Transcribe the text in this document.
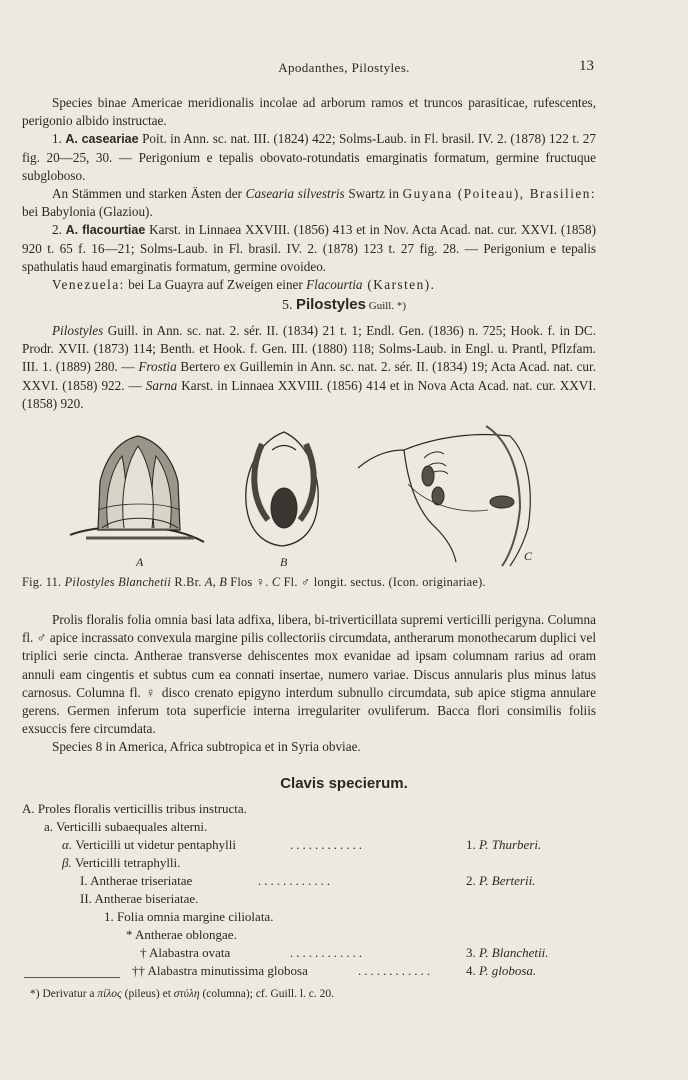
Apodanthes, Pilostyles.	13

Species binae Americae meridionalis incolae ad arborum ramos et truncos parasiticae, rufescentes, perigonio albido instructae.

1. A. caseariae Poit. in Ann. sc. nat. III. (1824) 422; Solms-Laub. in Fl. brasil. IV. 2. (1878) 122 t. 27 fig. 20—25, 30. — Perigonium e tepalis obovato-rotundatis emarginatis formatum, germine fructuque subgloboso.

An Stämmen und starken Ästen der Casearia silvestris Swartz in Guyana (Poiteau), Brasilien: bei Babylonia (Glaziou).

2. A. flacourtiae Karst. in Linnaea XXVIII. (1856) 413 et in Nov. Acta Acad. nat. cur. XXVI. (1858) 920 t. 65 f. 16—21; Solms-Laub. in Fl. brasil. IV. 2. (1878) 123 t. 27 fig. 28. — Perigonium e tepalis spathulatis haud emarginatis formatum, germine ovoideo.

Venezuela: bei La Guayra auf Zweigen einer Flacourtia (Karsten).

5. Pilostyles Guill. *)

Pilostyles Guill. in Ann. sc. nat. 2. sér. II. (1834) 21 t. 1; Endl. Gen. (1836) n. 725; Hook. f. in DC. Prodr. XVII. (1873) 114; Benth. et Hook. f. Gen. III. (1880) 118; Solms-Laub. in Engl. u. Prantl, Pflzfam. III. 1. (1889) 280. — Frostia Bertero ex Guillemin in Ann. sc. nat. 2. sér. II. (1834) 19; Acta Acad. nat. cur. XXVI. (1858) 922. — Sarna Karst. in Linnaea XXVIII. (1856) 414 et in Nova Acta Acad. nat. cur. XXVI. (1858) 920.

A	B	C
Fig. 11. Pilostyles Blanchetii R.Br. A, B Flos ♀. C Fl. ♂ longit. sectus. (Icon. originariae).

Prolis floralis folia omnia basi lata adfixa, libera, bi-triverticillata supremi verticilli perigyna. Columna fl. ♂ apice incrassato convexula margine pilis collectoriis circumdata, antherarum monothecarum duplici vel triplici serie cincta. Antherae transverse dehiscentes mox evanidae ad ipsam columnam rarius ad oram annuli eam cingentis et subtus cum ea connati insertae, numero variae. Discus annularis plus minus latus carnosus. Columna fl. ♀ disco crenato epigyno interdum subnullo circumdata, sub apice stigma annulare gerens. Germen inferum tota superficie interna irregulariter ovuliferum. Bacca flori consimilis foliis exsuccis fere circumdata.

Species 8 in America, Africa subtropica et in Syria obviae.

Clavis specierum.
A. Proles floralis verticillis tribus instructa.
a. Verticilli subaequales alterni.
α. Verticilli ut videtur pentaphylli	............	1. P. Thurberi.
β. Verticilli tetraphylli.
I. Antherae triseriatae	............	2. P. Berterii.
II. Antherae biseriatae.
1. Folia omnia margine ciliolata.
* Antherae oblongae.
† Alabastra ovata	............	3. P. Blanchetii.
†† Alabastra minutissima globosa	............	4. P. globosa.
*) Derivatur a πίλος (pileus) et στύλη (columna); cf. Guill. l. c. 20.
